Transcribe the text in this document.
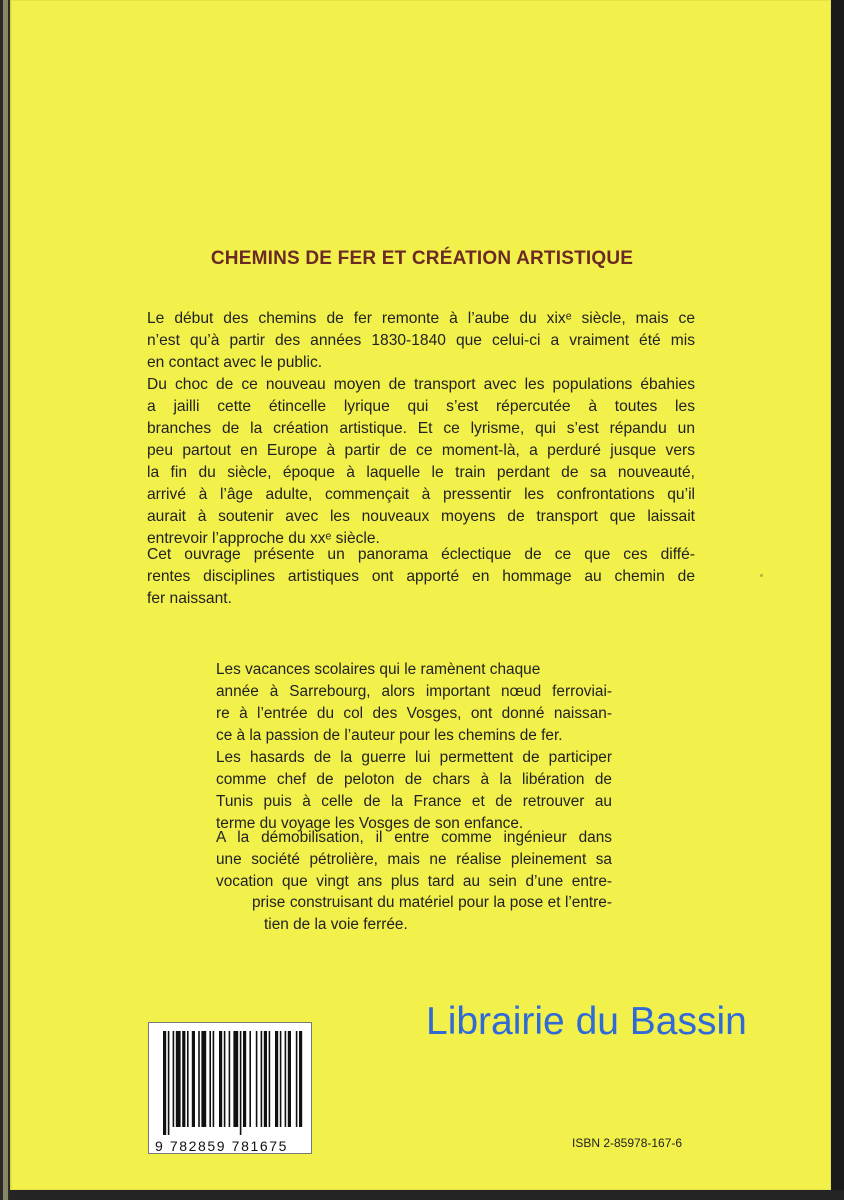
CHEMINS DE FER ET CRÉATION ARTISTIQUE
Le début des chemins de fer remonte à l’aube du xixᵉ siècle, mais ce
n’est qu’à partir des années 1830-1840 que celui-ci a vraiment été mis
en contact avec le public.
Du choc de ce nouveau moyen de transport avec les populations ébahies
a jailli cette étincelle lyrique qui s’est répercutée à toutes les
branches de la création artistique. Et ce lyrisme, qui s’est répandu un
peu partout en Europe à partir de ce moment-là, a perduré jusque vers
la fin du siècle, époque à laquelle le train perdant de sa nouveauté,
arrivé à l’âge adulte, commençait à pressentir les confrontations qu’il
aurait à soutenir avec les nouveaux moyens de transport que laissait
entrevoir l’approche du xxᵉ siècle.
Cet ouvrage présente un panorama éclectique de ce que ces diffé-
rentes disciplines artistiques ont apporté en hommage au chemin de
fer naissant.
Les vacances scolaires qui le ramènent chaque
année à Sarrebourg, alors important nœud ferroviai-
re à l’entrée du col des Vosges, ont donné naissan-
ce à la passion de l’auteur pour les chemins de fer.
Les hasards de la guerre lui permettent de participer
comme chef de peloton de chars à la libération de
Tunis puis à celle de la France et de retrouver au
terme du voyage les Vosges de son enfance.
A la démobilisation, il entre comme ingénieur dans
une société pétrolière, mais ne réalise pleinement sa
vocation que vingt ans plus tard au sein d’une entre-
prise construisant du matériel pour la pose et l’entre-
tien de la voie ferrée.
Librairie du Bassin
9 782859 781675	ISBN 2-85978-167-6
